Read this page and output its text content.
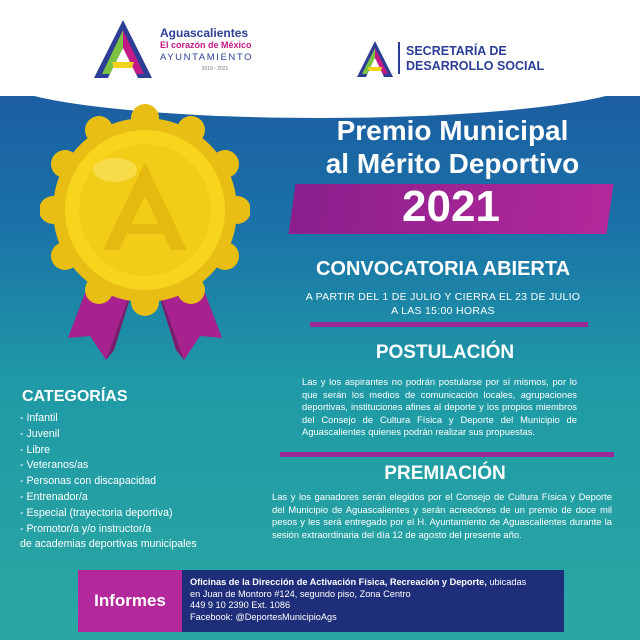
Aguascalientes
El corazón de México
AYUNTAMIENTO
2019 - 2021
SECRETARÍA DE
DESARROLLO SOCIAL
Premio Municipal
al Mérito Deportivo
2021
CONVOCATORIA ABIERTA
A PARTIR DEL 1 DE JULIO Y CIERRA EL 23 DE JULIO
A LAS 15:00 HORAS
POSTULACIÓN
Las y los aspirantes no podrán postularse por sí mismos, por lo que serán los medios de comunicación locales, agrupaciones deportivas, instituciones afines al deporte y los propios miembros del Consejo de Cultura Física y Deporte del Municipio de Aguascalientes quienes podrán realizar sus propuestas.
PREMIACIÓN
Las y los ganadores serán elegidos por el Consejo de Cultura Física y Deporte del Municipio de Aguascalientes y serán acreedores de un premio de doce mil pesos y les será entregado por el H. Ayuntamiento de Aguascalientes durante la sesión extraordinaria del día 12 de agosto del presente año.
CATEGORÍAS
- Infantil
- Juvenil
- Libre
- Veteranos/as
- Personas con discapacidad
- Entrenador/a
- Especial (trayectoria deportiva)
- Promotor/a y/o instructor/a
de academias deportivas municipales
Informes
Oficinas de la Dirección de Activación Física, Recreación y Deporte, ubicadas
en Juan de Montoro #124, segundo piso, Zona Centro
449 9 10 2390 Ext. 1086
Facebook: @DeportesMunicipioAgs
